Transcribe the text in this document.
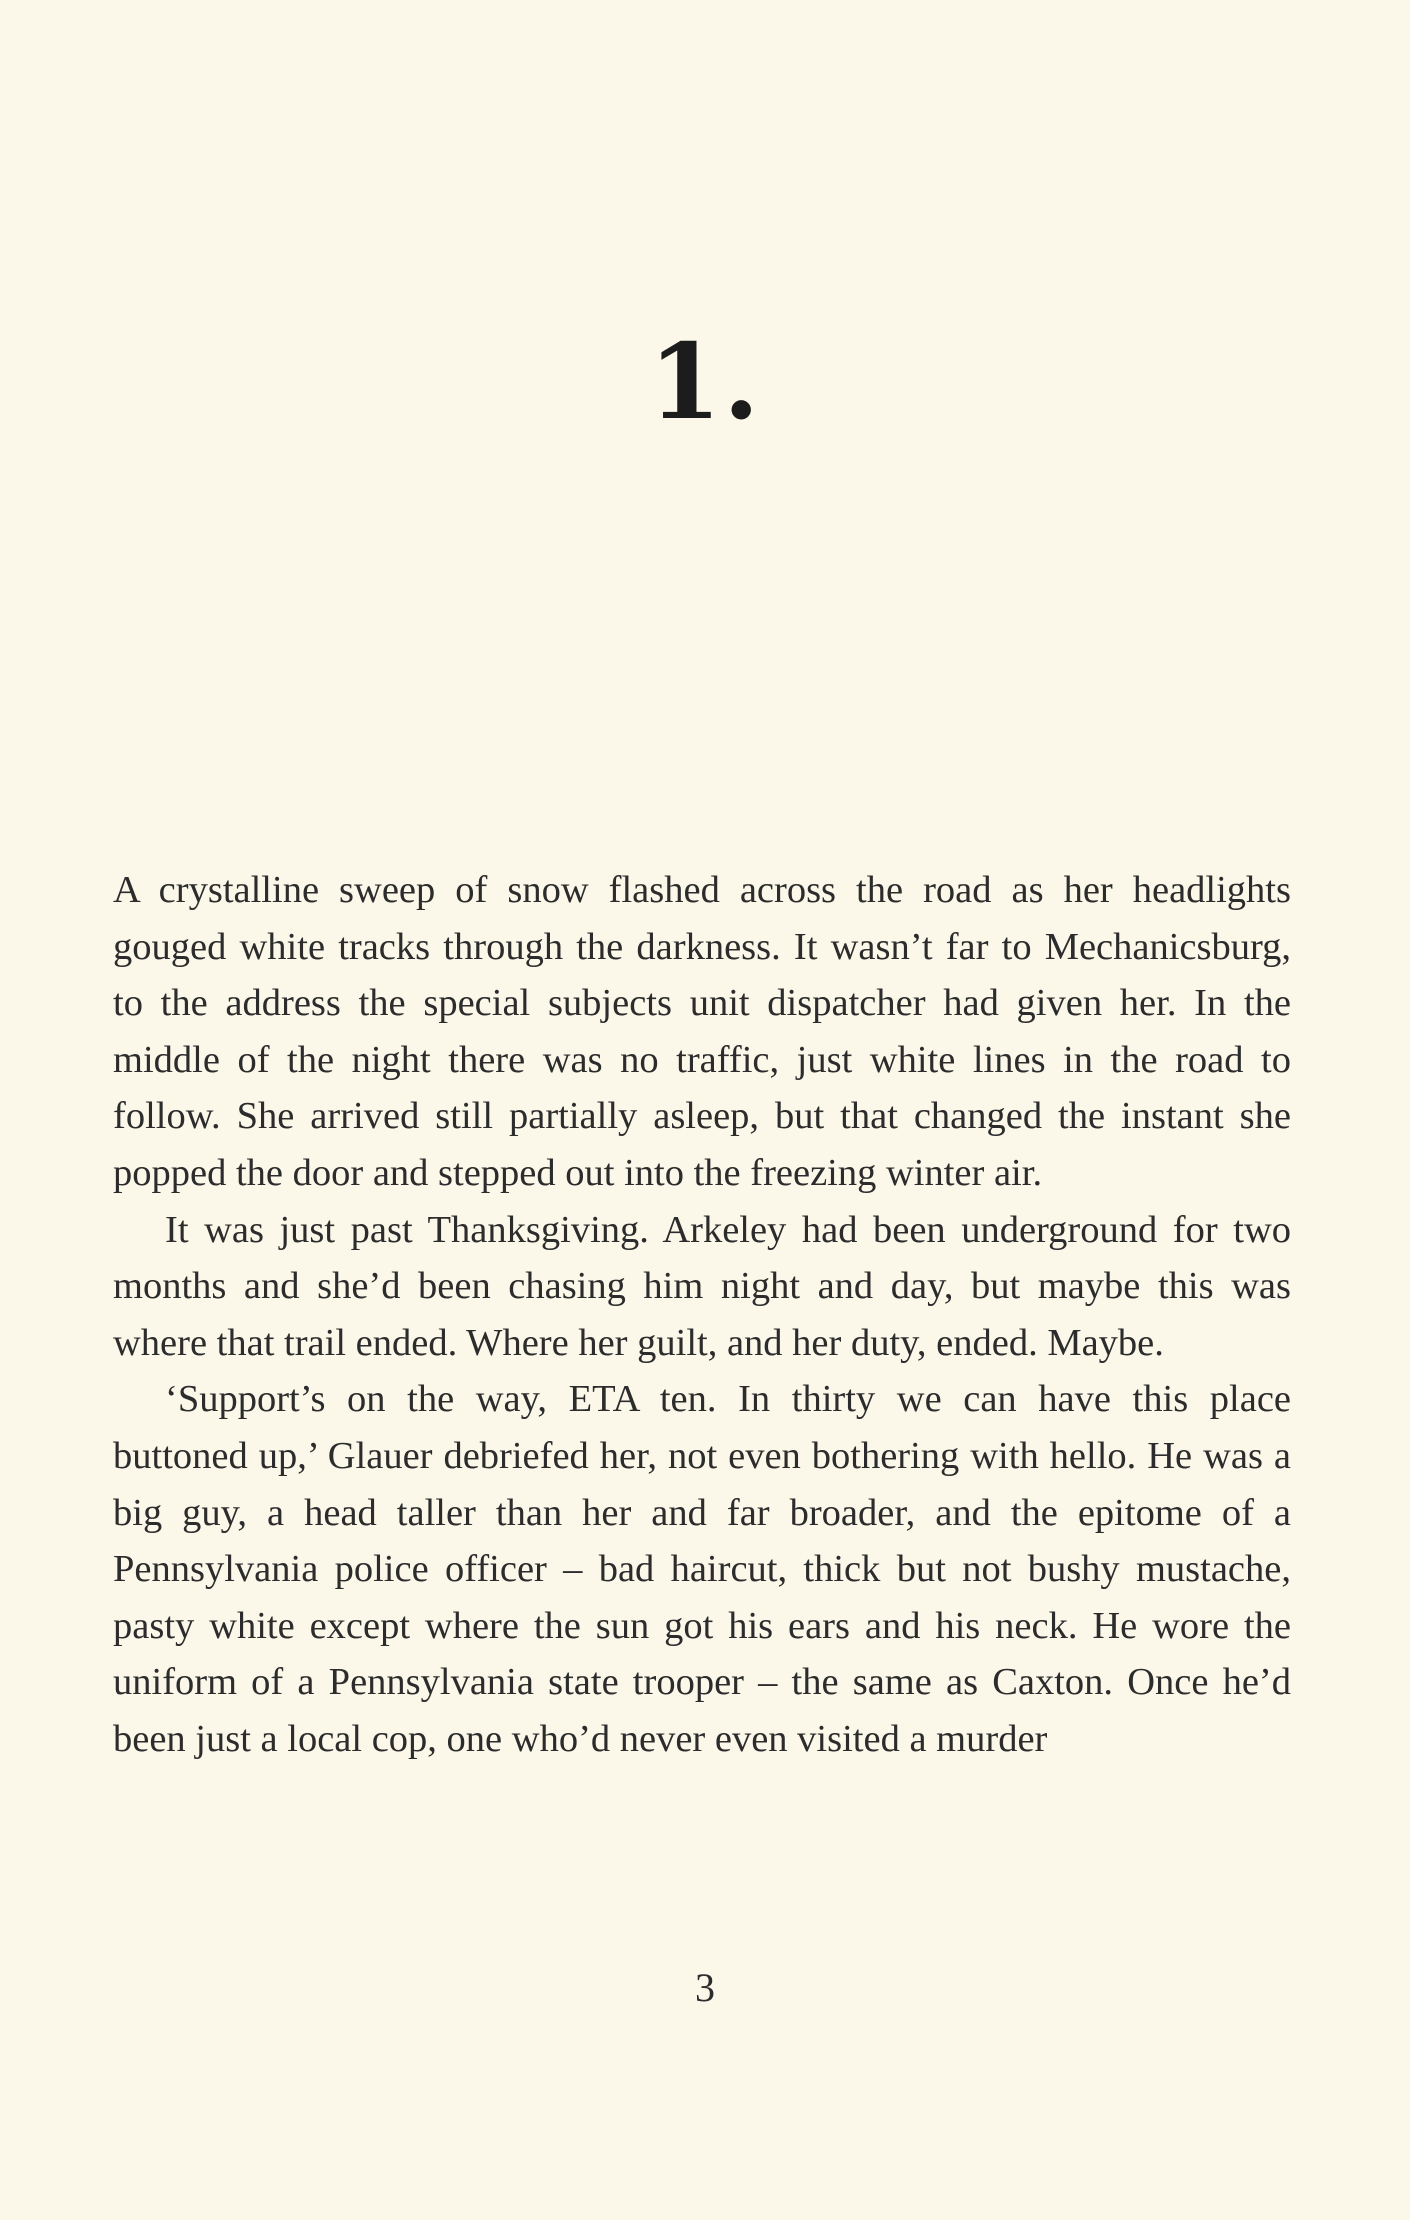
1.

A crystalline sweep of snow flashed across the road as her headlights gouged white tracks through the darkness. It wasn’t far to Mechanicsburg, to the address the special subjects unit dispatcher had given her. In the middle of the night there was no traffic, just white lines in the road to follow. She arrived still partially asleep, but that changed the instant she popped the door and stepped out into the freezing winter air.

It was just past Thanksgiving. Arkeley had been underground for two months and she’d been chasing him night and day, but maybe this was where that trail ended. Where her guilt, and her duty, ended. Maybe.

‘Support’s on the way, ETA ten. In thirty we can have this place buttoned up,’ Glauer debriefed her, not even bothering with hello. He was a big guy, a head taller than her and far broader, and the epitome of a Pennsylvania police officer – bad haircut, thick but not bushy mustache, pasty white except where the sun got his ears and his neck. He wore the uniform of a Pennsylvania state trooper – the same as Caxton. Once he’d been just a local cop, one who’d never even visited a murder

3
